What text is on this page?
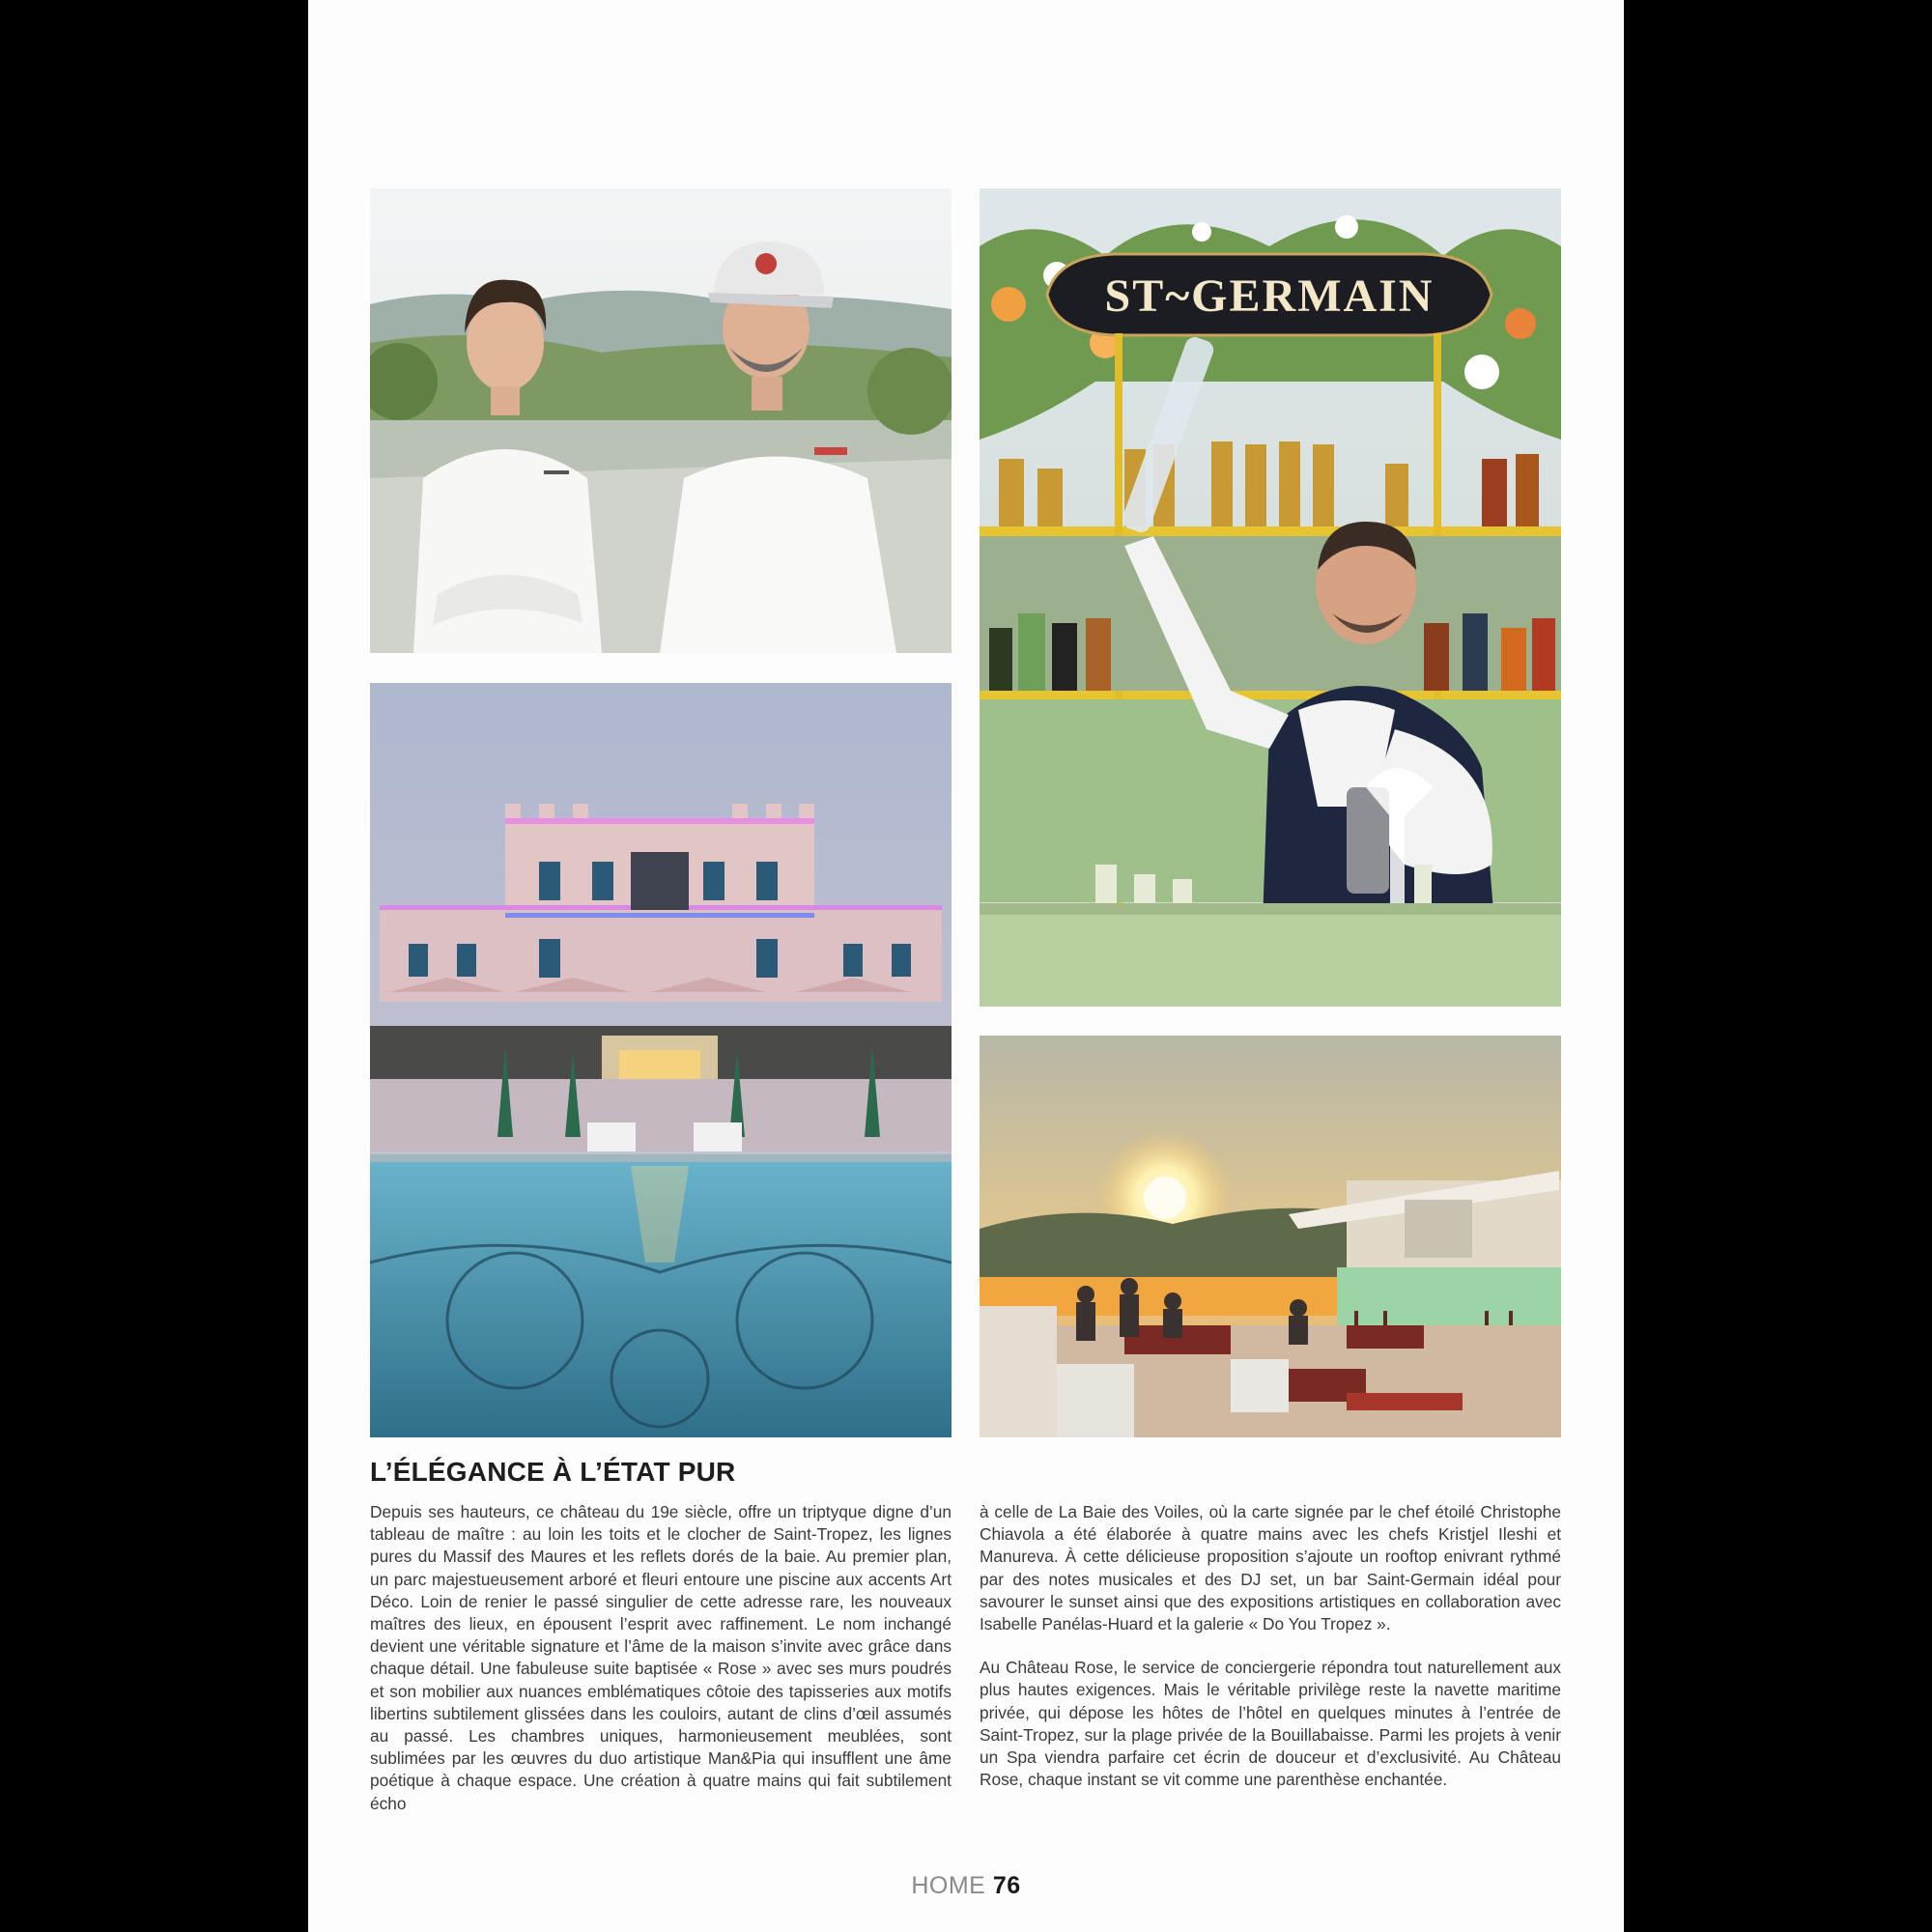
ST~GERMAIN
L’ÉLÉGANCE À L’ÉTAT PUR

Depuis ses hauteurs, ce château du 19e siècle, offre un triptyque digne d’un tableau de maître : au loin les toits et le clocher de Saint-Tropez, les lignes pures du Massif des Maures et les reflets dorés de la baie. Au premier plan, un parc majestueusement arboré et fleuri entoure une piscine aux accents Art Déco. Loin de renier le passé singulier de cette adresse rare, les nouveaux maîtres des lieux, en épousent l’esprit avec raffinement. Le nom inchangé devient une véritable signature et l’âme de la maison s’invite avec grâce dans chaque détail. Une fabuleuse suite baptisée « Rose » avec ses murs poudrés et son mobilier aux nuances emblématiques côtoie des tapisseries aux motifs libertins subtilement glissées dans les couloirs, autant de clins d’œil assumés au passé. Les chambres uniques, harmonieusement meublées, sont sublimées par les œuvres du duo artistique Man&Pia qui insufflent une âme poétique à chaque espace. Une création à quatre mains qui fait subtilement écho

à celle de La Baie des Voiles, où la carte signée par le chef étoilé Christophe Chiavola a été élaborée à quatre mains avec les chefs Kristjel Ileshi et Manureva. À cette délicieuse proposition s’ajoute un rooftop enivrant rythmé par des notes musicales et des DJ set, un bar Saint-Germain idéal pour savourer le sunset ainsi que des expositions artistiques en collaboration avec Isabelle Panélas-Huard et la galerie « Do You Tropez ».

Au Château Rose, le service de conciergerie répondra tout naturellement aux plus hautes exigences. Mais le véritable privilège reste la navette maritime privée, qui dépose les hôtes de l’hôtel en quelques minutes à l’entrée de Saint-Tropez, sur la plage privée de la Bouillabaisse. Parmi les projets à venir un Spa viendra parfaire cet écrin de douceur et d’exclusivité. Au Château Rose, chaque instant se vit comme une parenthèse enchantée.

HOME 76
